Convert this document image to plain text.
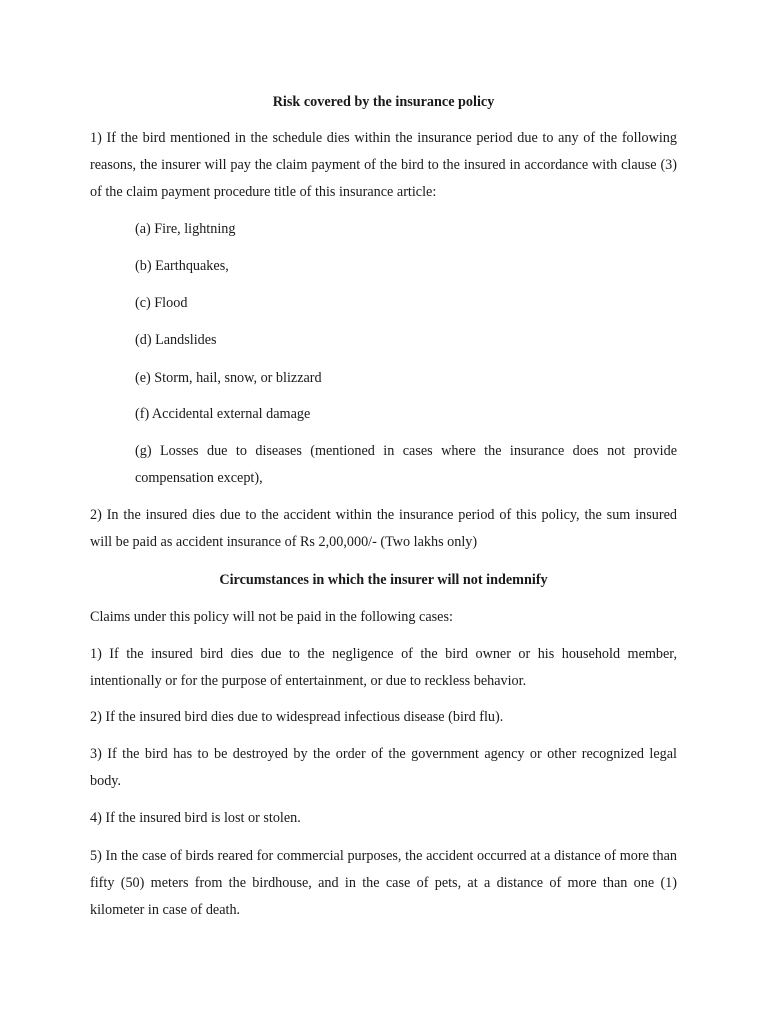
Risk covered by the insurance policy

1) If the bird mentioned in the schedule dies within the insurance period due to any of the following reasons, the insurer will pay the claim payment of the bird to the insured in accordance with clause (3) of the claim payment procedure title of this insurance article:

(a) Fire, lightning

(b) Earthquakes,

(c) Flood

(d) Landslides

(e) Storm, hail, snow, or blizzard

(f) Accidental external damage

(g) Losses due to diseases (mentioned in cases where the insurance does not provide compensation except),

2) In the insured dies due to the accident within the insurance period of this policy, the sum insured will be paid as accident insurance of Rs 2,00,000/- (Two lakhs only)

Circumstances in which the insurer will not indemnify

Claims under this policy will not be paid in the following cases:

1) If the insured bird dies due to the negligence of the bird owner or his household member, intentionally or for the purpose of entertainment, or due to reckless behavior.

2) If the insured bird dies due to widespread infectious disease (bird flu).

3) If the bird has to be destroyed by the order of the government agency or other recognized legal body.

4) If the insured bird is lost or stolen.

5) In the case of birds reared for commercial purposes, the accident occurred at a distance of more than fifty (50) meters from the birdhouse, and in the case of pets, at a distance of more than one (1) kilometer in case of death.
